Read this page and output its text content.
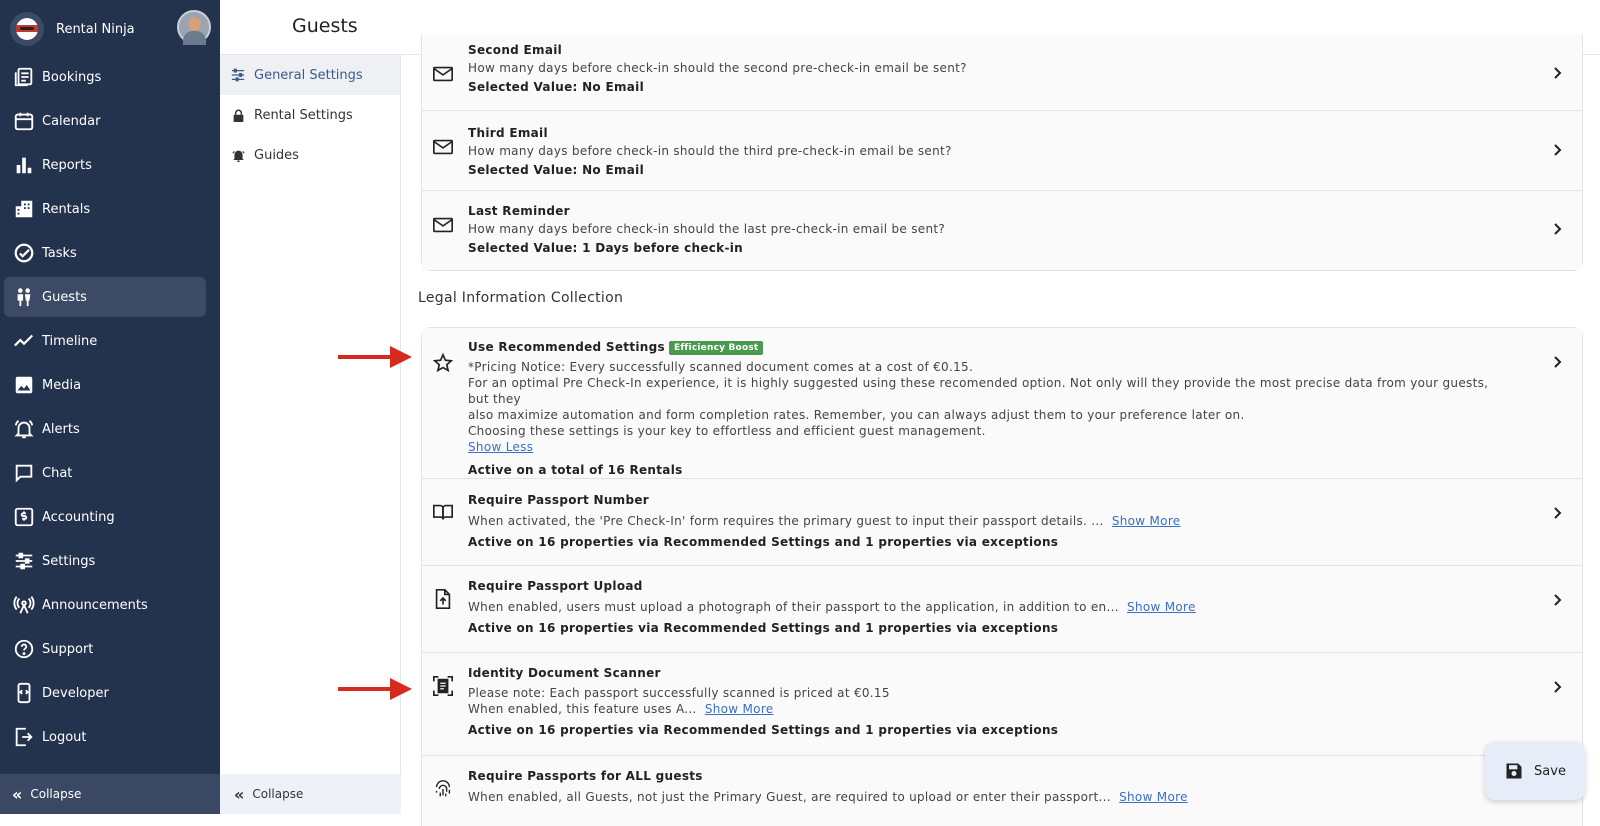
Rental Ninja
Bookings
Calendar
Reports
Rentals
Tasks
Guests
Timeline
Media
Alerts
Chat
Accounting
Settings
Announcements
Support
Developer
Logout
« Collapse
Guests
General Settings
Rental Settings
Guides
« Collapse
Second Email
How many days before check-in should the second pre-check-in email be sent?
Selected Value: No Email
Third Email
How many days before check-in should the third pre-check-in email be sent?
Selected Value: No Email
Last Reminder
How many days before check-in should the last pre-check-in email be sent?
Selected Value: 1 Days before check-in
Legal Information Collection
Use Recommended Settings Efficiency Boost
*Pricing Notice: Every successfully scanned document comes at a cost of €0.15.
For an optimal Pre Check-In experience, it is highly suggested using these recomended option. Not only will they provide the most precise data from your guests, but they
also maximize automation and form completion rates. Remember, you can always adjust them to your preference later on.
Choosing these settings is your key to effortless and efficient guest management.
Show Less
Active on a total of 16 Rentals
Require Passport Number
When activated, the 'Pre Check-In' form requires the primary guest to input their passport details. ... Show More
Active on 16 properties via Recommended Settings and 1 properties via exceptions
Require Passport Upload
When enabled, users must upload a photograph of their passport to the application, in addition to en... Show More
Active on 16 properties via Recommended Settings and 1 properties via exceptions
Identity Document Scanner
Please note: Each passport successfully scanned is priced at €0.15
When enabled, this feature uses A... Show More
Active on 16 properties via Recommended Settings and 1 properties via exceptions
Require Passports for ALL guests
When enabled, all Guests, not just the Primary Guest, are required to upload or enter their passport... Show More
Save
